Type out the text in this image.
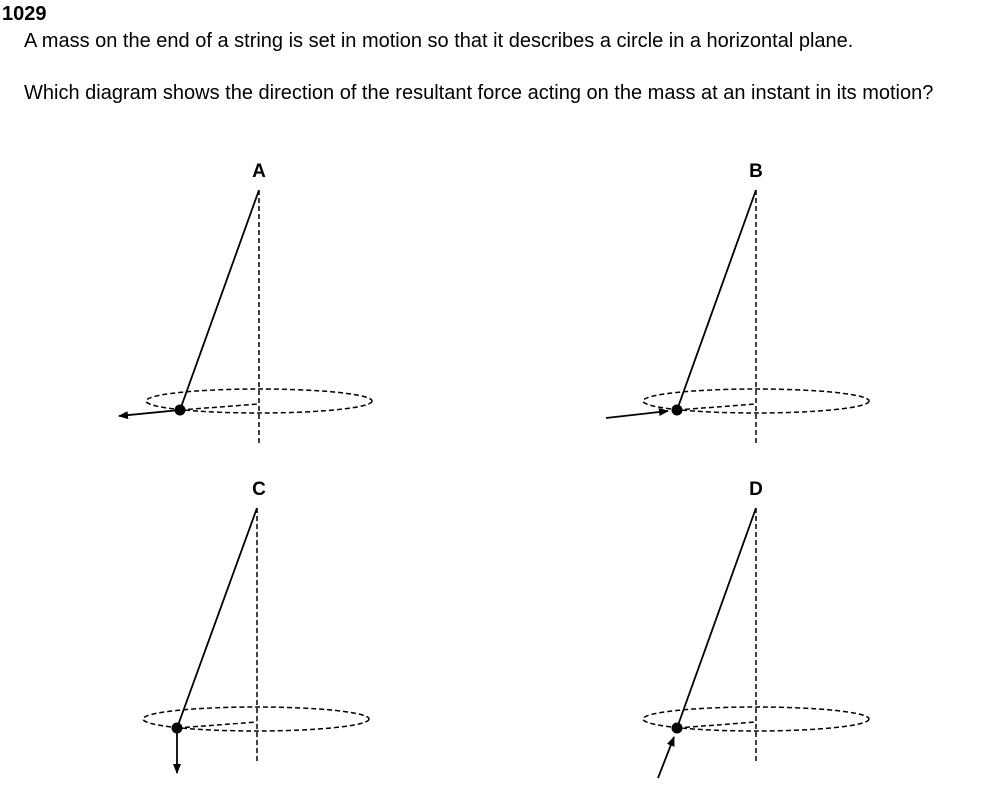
1029
A mass on the end of a string is set in motion so that it describes a circle in a horizontal plane.
Which diagram shows the direction of the resultant force acting on the mass at an instant in its motion?
A	B
C	D
